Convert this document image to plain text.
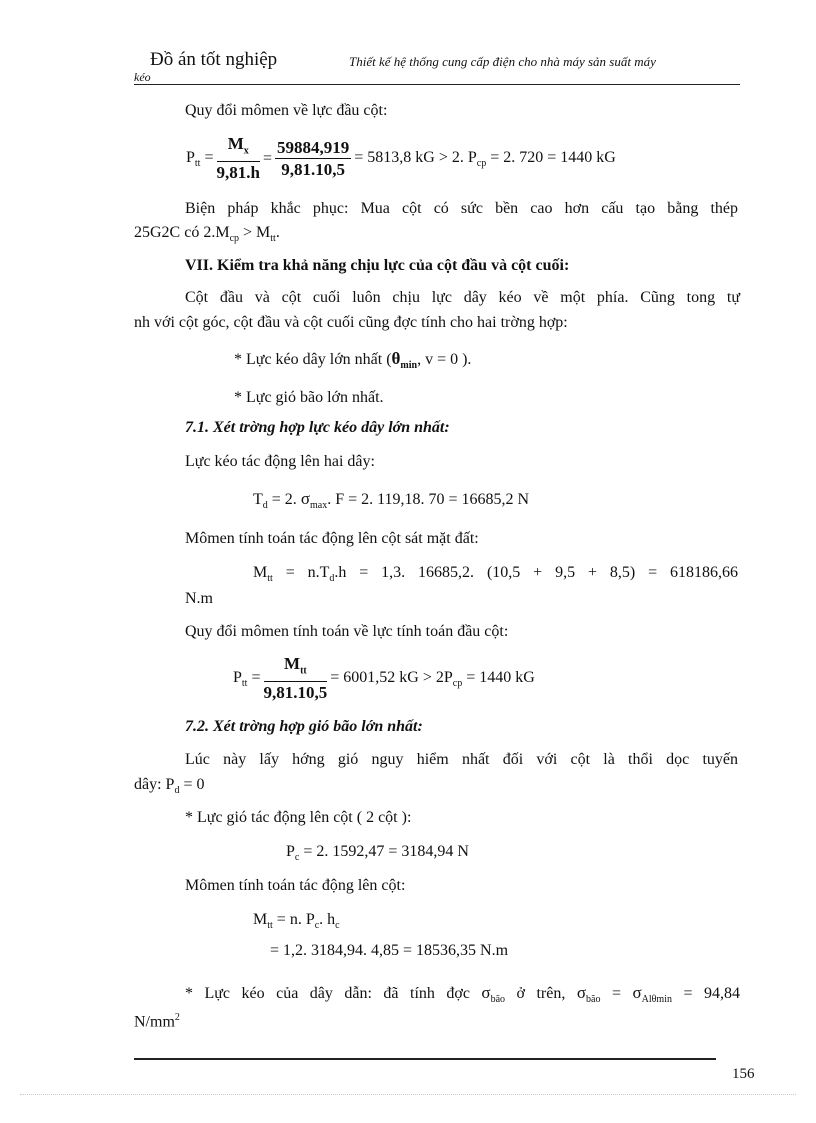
Đồ án tốt nghiệp	Thiết kế hệ thống cung cấp điện cho nhà máy sản suất máy
kéo
Quy đổi mômen về lực đầu cột:
$P_{tt} = \frac{M_x}{9,81.h} = \frac{59884,919}{9,81.10,5} = 5813,8$ kG > 2. $P_{cp} = 2$. 720 = 1440 kG
Biện pháp khắc phục: Mua cột có sức bền cao hơn cấu tạo bằng thép
25G2C có $2.M_{cp} > M_{tt}$.
VII. Kiểm tra khả năng chịu lực của cột đầu và cột cuối:
Cột đầu và cột cuối luôn chịu lực dây kéo về một phía. Cũng tong tự
nh với cột góc, cột đầu và cột cuối cũng đợc tính cho hai trờng hợp:
* Lực kéo dây lớn nhất ($\theta_{min}$, v = 0 ).
* Lực gió bão lớn nhất.
7.1. Xét trờng hợp lực kéo dây lớn nhất:
Lực kéo tác động lên hai dây:
$T_d = 2$. $\sigma_{max}$. F = 2. 119,18. 70 = 16685,2 N
Mômen tính toán tác động lên cột sát mặt đất:
$M_{tt} = n.T_d.h = 1,3$. 16685,2. (10,5 + 9,5 + 8,5) = 618186,66
N.m
Quy đổi mômen tính toán về lực tính toán đầu cột:
$P_{tt} = \frac{M_{tt}}{9,81.10,5} = 6001,52$ kG > $2P_{cp} = 1440$ kG
7.2. Xét trờng hợp gió bão lớn nhất:
Lúc này lấy hớng gió nguy hiểm nhất đối với cột là thổi dọc tuyến
dây: $P_d = 0$
* Lực gió tác động lên cột ( 2 cột ):
$P_c = 2$. 1592,47 = 3184,94 N
Mômen tính toán tác động lên cột:
$M_{tt} = n$. $P_c$. $h_c$
= 1,2. 3184,94. 4,85 = 18536,35 N.m
* Lực kéo của dây dẫn: đã tính đợc $\sigma_{bão}$ ở trên, $\sigma_{bão} = \sigma_{Al\theta min} = 94,84$
$N/mm^2$
156
